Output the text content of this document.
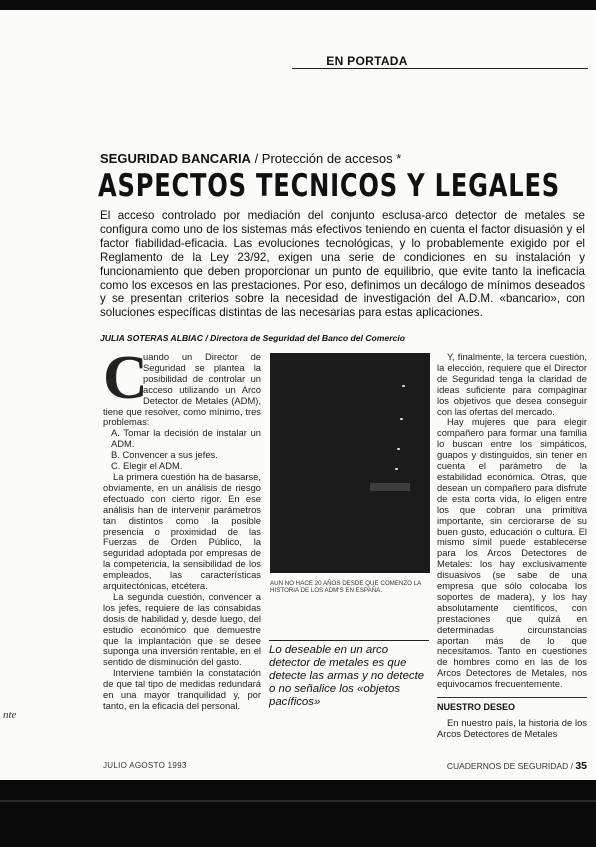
EN PORTADA
SEGURIDAD BANCARIA / Protección de accesos *
ASPECTOS TECNICOS Y LEGALES
El acceso controlado por mediación del conjunto esclusa-arco detector de metales se configura como uno de los sistemas más efectivos teniendo en cuenta el factor disuasión y el factor fiabilidad-eficacia. Las evoluciones tecnológicas, y lo probablemente exigido por el Reglamento de la Ley 23/92, exigen una serie de condiciones en su instalación y funcionamiento que deben proporcionar un punto de equilibrio, que evite tanto la ineficacia como los excesos en las prestaciones. Por eso, definimos un decálogo de mínimos deseados y se presentan criterios sobre la necesidad de investigación del A.D.M. «bancario», con soluciones específicas distintas de las necesarias para estas aplicaciones.
JULIA SOTERAS ALBIAC / Directora de Seguridad del Banco del Comercio
C

uando un Director de Seguridad se plantea la posibilidad de controlar un acceso utilizando un Arco Detector de Metales (ADM), tiene que resolver, como mínimo, tres problemas:

A. Tomar la decisión de instalar un ADM.

B. Convencer a sus jefes.

C. Elegir el ADM.

La primera cuestión ha de basarse, obviamente, en un análisis de riesgo efectuado con cierto rigor. En ese análisis han de intervenir parámetros tan distintos como la posible presencia o proximidad de las Fuerzas de Orden Público, la seguridad adoptada por empresas de la competencia, la sensibilidad de los empleados, las características arquitectónicas, etcétera.

La segunda cuestión, convencer a los jefes, requiere de las consabidas dosis de habilidad y, desde luego, del estudio económico que demuestre que la implantación que se desee suponga una inversión rentable, en el sentido de disminución del gasto.

Interviene también la constatación de que tal tipo de medidas redundará en una mayor tranquilidad y, por tanto, en la eficacia del personal.

AUN NO HACE 20 AÑOS DESDE QUE COMENZO LA HISTORIA DE LOS ADM'S EN ESPAÑA.
Lo deseable en un arco detector de metales es que detecte las armas y no detecte o no señalice los «objetos pacíficos»

Y, finalmente, la tercera cuestión, la elección, requiere que el Director de Seguridad tenga la claridad de ideas suficiente para compaginar los objetivos que desea conseguir con las ofertas del mercado.

Hay mujeres que para elegir compañero para formar una familia lo buscan entre los simpáticos, guapos y distinguidos, sin tener en cuenta el parámetro de la estabilidad económica. Otras, que desean un compañero para disfrute de esta corta vida, lo eligen entre los que cobran una primitiva importante, sin cerciorarse de su buen gusto, educación o cultura. El mismo símil puede establecerse para los Arcos Detectores de Metales: los hay exclusivamente disuasivos (se sabe de una empresa que sólo colocaba los soportes de madera), y los hay absolutamente científicos, con prestaciones que quizá en determinadas circunstancias aportan más de lo que necesitamos. Tanto en cuestiones de hombres como en las de los Arcos Detectores de Metales, nos equivocamos frecuentemente.

NUESTRO DESEO

En nuestro país, la historia de los Arcos Detectores de Metales

nte
JULIO AGOSTO 1993	CUADERNOS DE SEGURIDAD / 35
